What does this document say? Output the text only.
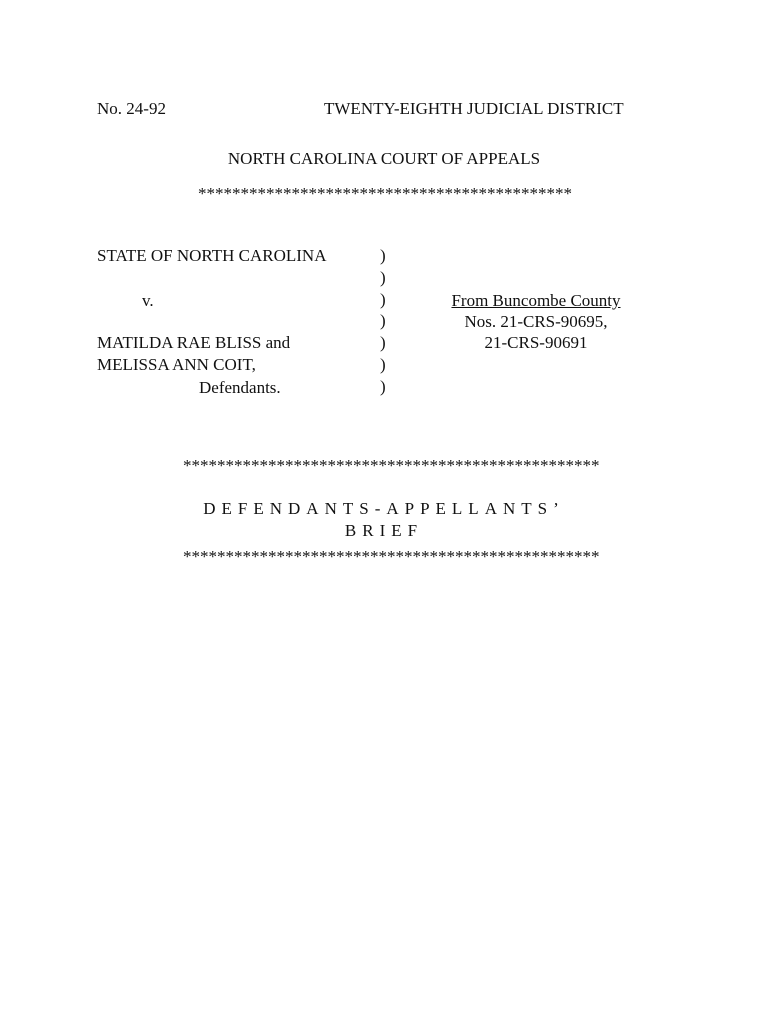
No. 24-92	TWENTY-EIGHTH JUDICIAL DISTRICT

NORTH CAROLINA COURT OF APPEALS

********************************************

STATE OF NORTH CAROLINA

v.

MATILDA RAE BLISS and

MELISSA ANN COIT,

Defendants.

)
)
)
)
)
)
)
From Buncombe County
Nos. 21-CRS-90695,
21-CRS-90691

*************************************************

DEFENDANTS-APPELLANTS’

BRIEF

*************************************************
